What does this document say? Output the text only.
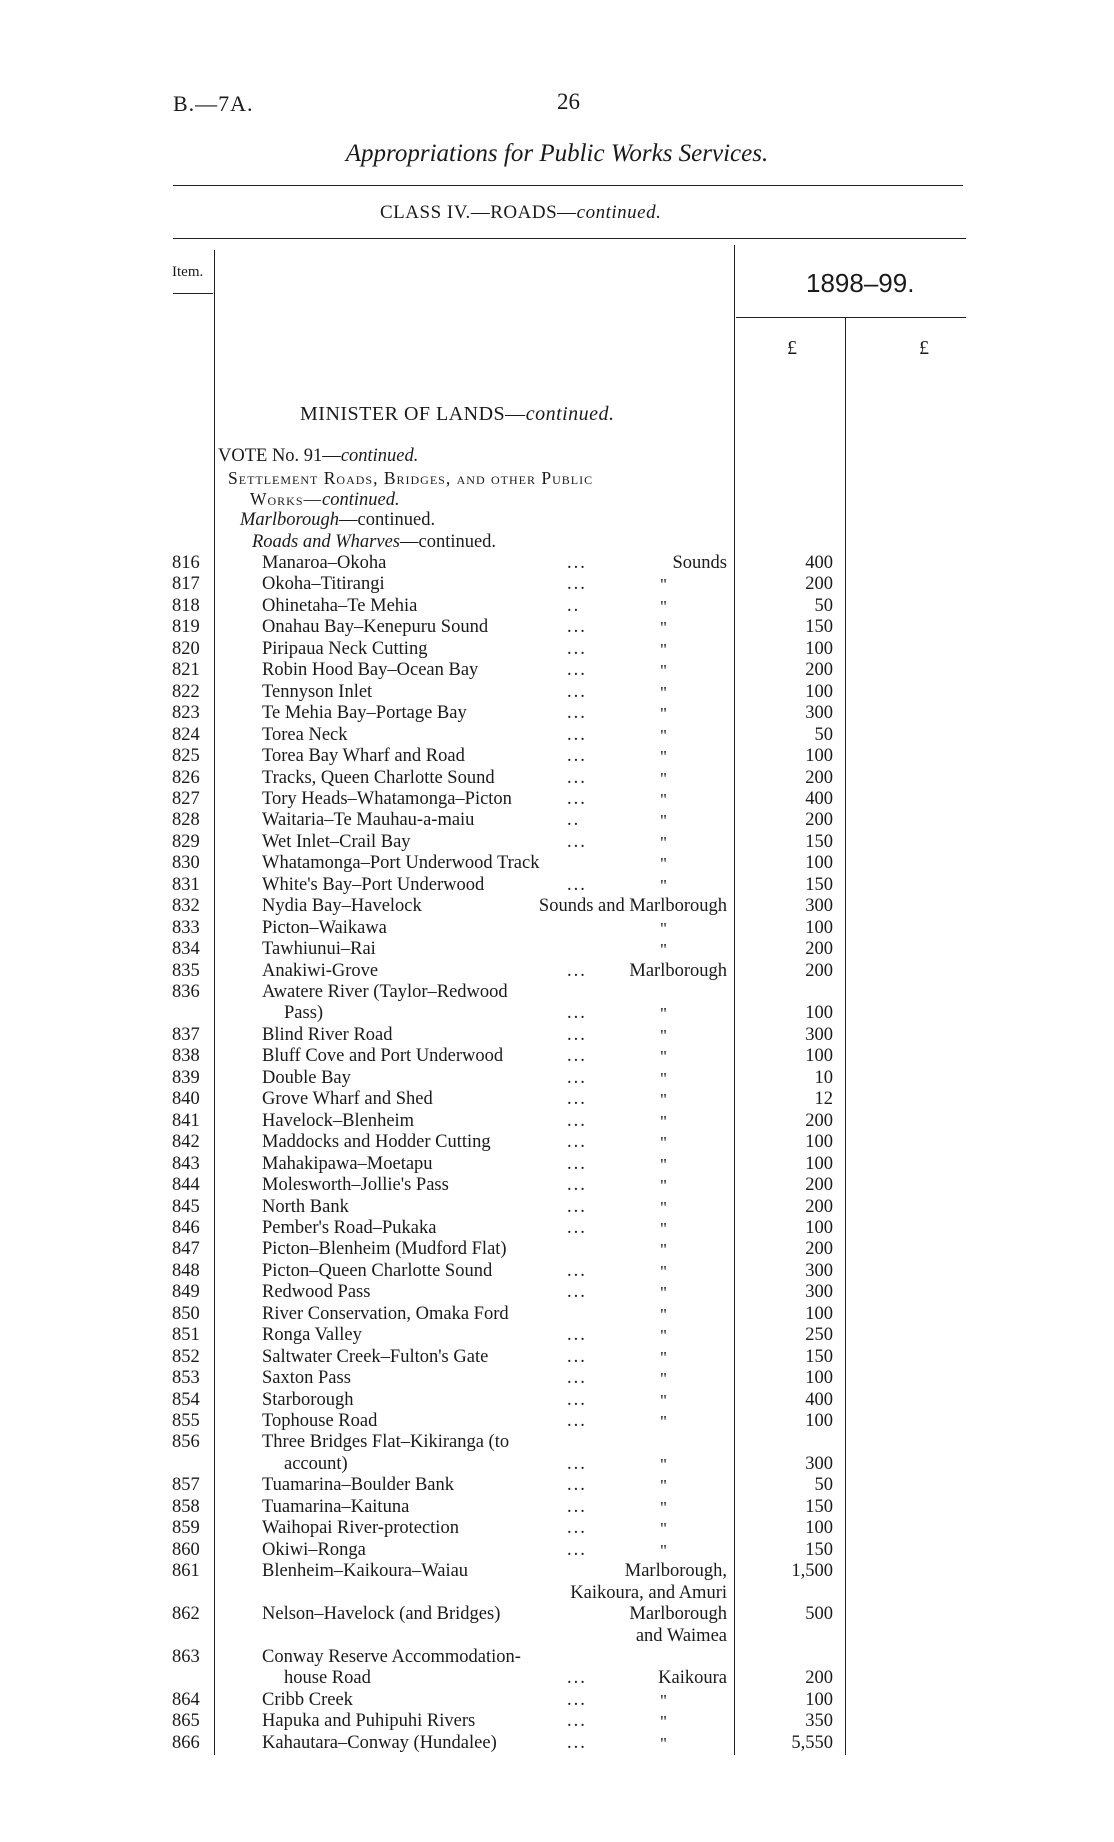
B.—7A.	26
Appropriations for Public Works Services.
CLASS IV.—ROADS—continued.
Item.	1898–99.
£	£
MINISTER OF LANDS—continued.
VOTE No. 91—continued.
Settlement Roads, Bridges, and other Public
Works—continued.
Marlborough—continued.
Roads and Wharves—continued.
816	Manaroa–Okoha	...	Sounds	400
817	Okoha–Titirangi	...	"	200
818	Ohinetaha–Te Mehia	..	"	50
819	Onahau Bay–Kenepuru Sound	...	"	150
820	Piripaua Neck Cutting	...	"	100
821	Robin Hood Bay–Ocean Bay	...	"	200
822	Tennyson Inlet	...	"	100
823	Te Mehia Bay–Portage Bay	...	"	300
824	Torea Neck	...	"	50
825	Torea Bay Wharf and Road	...	"	100
826	Tracks, Queen Charlotte Sound	...	"	200
827	Tory Heads–Whatamonga–Picton	...	"	400
828	Waitaria–Te Mauhau-a-maiu	..	"	200
829	Wet Inlet–Crail Bay	...	"	150
830	Whatamonga–Port Underwood Track	"	100
831	White's Bay–Port Underwood	...	"	150
832	Nydia Bay–Havelock	Sounds and Marlborough	300
833	Picton–Waikawa	"	100
834	Tawhiunui–Rai	"	200
835	Anakiwi-Grove	... Marlborough	200
836	Awatere River (Taylor–Redwood
Pass)	...	"	100
837	Blind River Road	...	"	300
838	Bluff Cove and Port Underwood	...	"	100
839	Double Bay	...	"	10
840	Grove Wharf and Shed	...	"	12
841	Havelock–Blenheim	...	"	200
842	Maddocks and Hodder Cutting	...	"	100
843	Mahakipawa–Moetapu	...	"	100
844	Molesworth–Jollie's Pass	...	"	200
845	North Bank	...	"	200
846	Pember's Road–Pukaka	...	"	100
847	Picton–Blenheim (Mudford Flat)	"	200
848	Picton–Queen Charlotte Sound	...	"	300
849	Redwood Pass	...	"	300
850	River Conservation, Omaka Ford	"	100
851	Ronga Valley	...	"	250
852	Saltwater Creek–Fulton's Gate	...	"	150
853	Saxton Pass	...	"	100
854	Starborough	...	"	400
855	Tophouse Road	...	"	100
856	Three Bridges Flat–Kikiranga (to
account)	...	"	300
857	Tuamarina–Boulder Bank	...	"	50
858	Tuamarina–Kaituna	...	"	150
859	Waihopai River-protection	...	"	100
860	Okiwi–Ronga	...	"	150
861	Blenheim–Kaikoura–Waiau	Marlborough,	1,500
Kaikoura, and Amuri
862	Nelson–Havelock (and Bridges)	Marlborough	500
and Waimea
863	Conway Reserve Accommodation-
house Road	...	Kaikoura	200
864	Cribb Creek	...	"	100
865	Hapuka and Puhipuhi Rivers	...	"	350
866	Kahautara–Conway (Hundalee)	...	"	5,550
